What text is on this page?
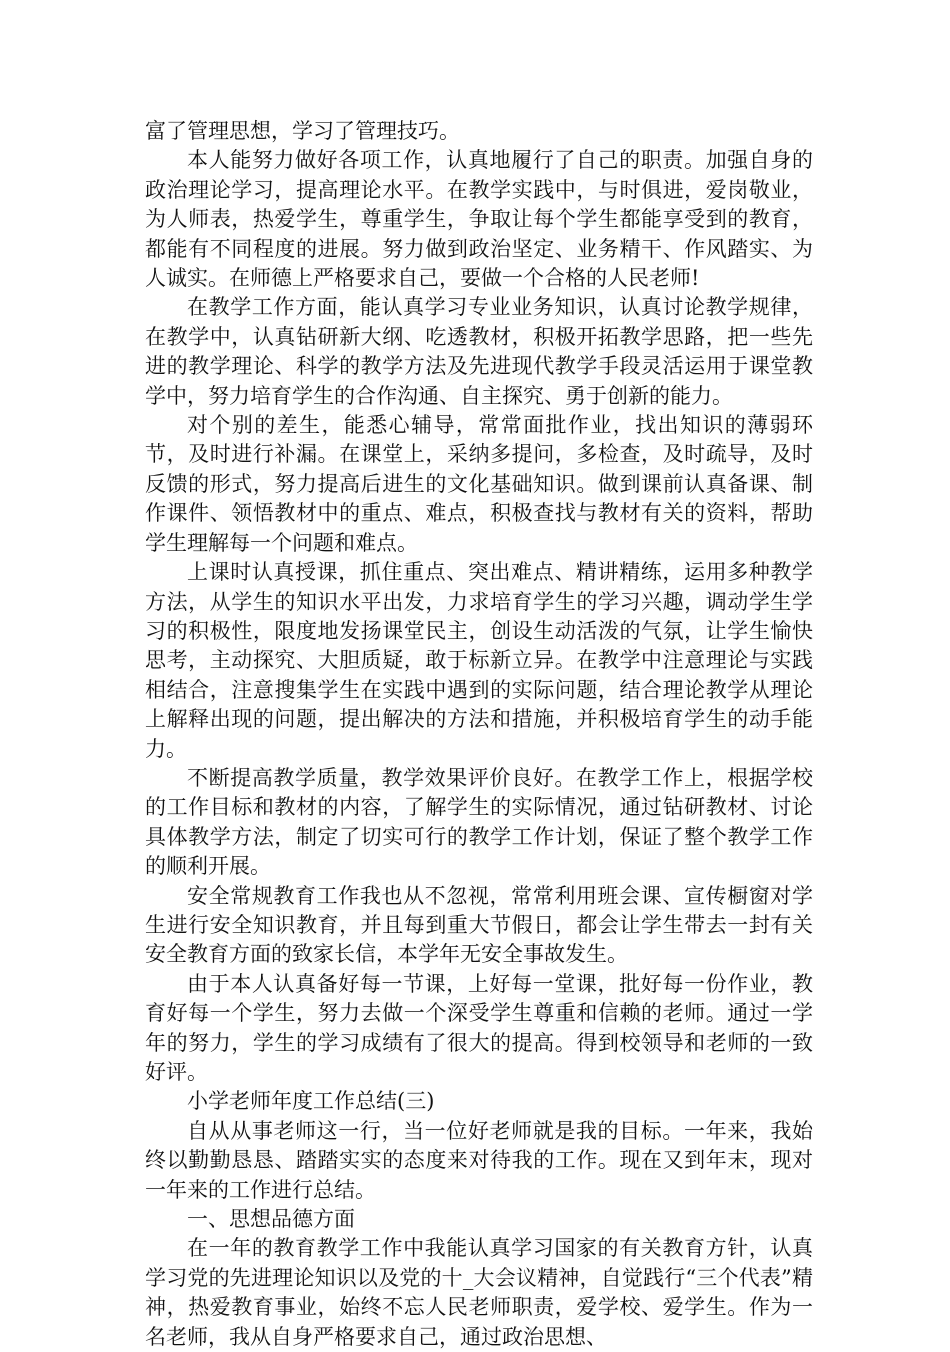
富了管理思想，学习了管理技巧。

本人能努力做好各项工作，认真地履行了自己的职责。加强自身的政治理论学习，提高理论水平。在教学实践中，与时俱进，爱岗敬业，为人师表，热爱学生，尊重学生，争取让每个学生都能享受到的教育，都能有不同程度的进展。努力做到政治坚定、业务精干、作风踏实、为人诚实。在师德上严格要求自己，要做一个合格的人民老师!

在教学工作方面，能认真学习专业业务知识，认真讨论教学规律，在教学中，认真钻研新大纲、吃透教材，积极开拓教学思路，把一些先进的教学理论、科学的教学方法及先进现代教学手段灵活运用于课堂教学中，努力培育学生的合作沟通、自主探究、勇于创新的能力。

对个别的差生，能悉心辅导，常常面批作业，找出知识的薄弱环节，及时进行补漏。在课堂上，采纳多提问，多检查，及时疏导，及时反馈的形式，努力提高后进生的文化基础知识。做到课前认真备课、制作课件、领悟教材中的重点、难点，积极查找与教材有关的资料，帮助学生理解每一个问题和难点。

上课时认真授课，抓住重点、突出难点、精讲精练，运用多种教学方法，从学生的知识水平出发，力求培育学生的学习兴趣，调动学生学习的积极性，限度地发扬课堂民主，创设生动活泼的气氛，让学生愉快思考，主动探究、大胆质疑，敢于标新立异。在教学中注意理论与实践相结合，注意搜集学生在实践中遇到的实际问题，结合理论教学从理论上解释出现的问题，提出解决的方法和措施，并积极培育学生的动手能力。

不断提高教学质量，教学效果评价良好。在教学工作上，根据学校的工作目标和教材的内容，了解学生的实际情况，通过钻研教材、讨论具体教学方法，制定了切实可行的教学工作计划，保证了整个教学工作的顺利开展。

安全常规教育工作我也从不忽视，常常利用班会课、宣传橱窗对学生进行安全知识教育，并且每到重大节假日，都会让学生带去一封有关安全教育方面的致家长信，本学年无安全事故发生。

由于本人认真备好每一节课，上好每一堂课，批好每一份作业，教育好每一个学生，努力去做一个深受学生尊重和信赖的老师。通过一学年的努力，学生的学习成绩有了很大的提高。得到校领导和老师的一致好评。

小学老师年度工作总结(三)

自从从事老师这一行，当一位好老师就是我的目标。一年来，我始终以勤勤恳恳、踏踏实实的态度来对待我的工作。现在又到年末，现对一年来的工作进行总结。

一、思想品德方面

在一年的教育教学工作中我能认真学习国家的有关教育方针，认真学习党的先进理论知识以及党的十_大会议精神，自觉践行“三个代表”精神，热爱教育事业，始终不忘人民老师职责，爱学校、爱学生。作为一名老师，我从自身严格要求自己，通过政治思想、
